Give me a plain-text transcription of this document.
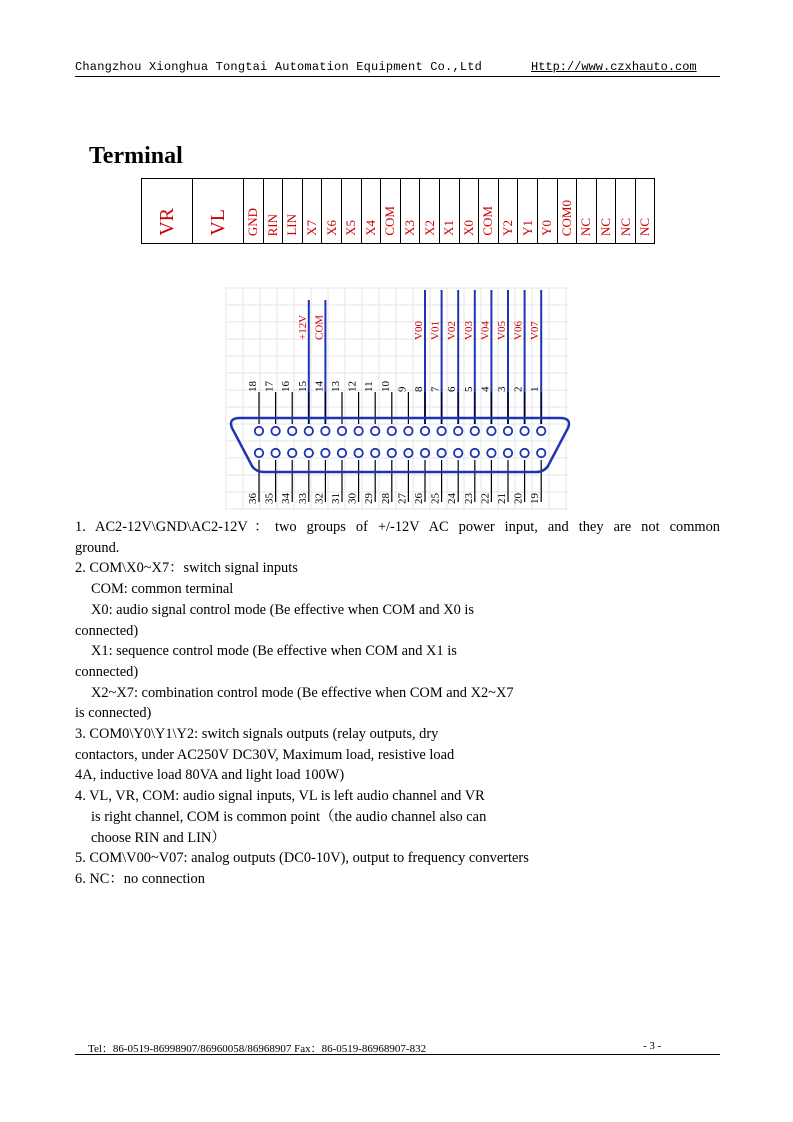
Changzhou Xionghua Tongtai Automation Equipment Co.,Ltd	Http://www.czxhauto.com
Terminal
VR	VL	GND	RIN	LIN	X7	X6	X5	X4	COM	X3	X2	X1	X0	COM	Y2	Y1	Y0	COM0	NC	NC	NC	NC
+12V COM	V00 V01 V02 V03 V04 V05 V06 V07
18 17 16 15 14 13 12 11 10 9 8 7 6 5 4 3 2 1
36 35 34 33 32 31 30 29 28 27 26 25 24 23 22 21 20 19
1. AC2-12V\GND\AC2-12V：two groups of +/-12V AC power input, and they are not common
ground.
2. COM\X0~X7：switch signal inputs
COM: common terminal
X0: audio signal control mode (Be effective when COM and X0 is
connected)
X1: sequence control mode (Be effective when COM and X1 is
connected)
X2~X7: combination control mode (Be effective when COM and X2~X7
is connected)
3. COM0\Y0\Y1\Y2: switch signals outputs (relay outputs, dry
contactors, under AC250V DC30V, Maximum load, resistive load
4A, inductive load 80VA and light load 100W)
4. VL, VR, COM: audio signal inputs, VL is left audio channel and VR
is right channel, COM is common point（the audio channel also can
choose RIN and LIN）
5. COM\V00~V07: analog outputs (DC0-10V), output to frequency converters
6. NC：no connection
Tel：86-0519-86998907/86960058/86968907 Fax：86-0519-86968907-832	- 3 -
